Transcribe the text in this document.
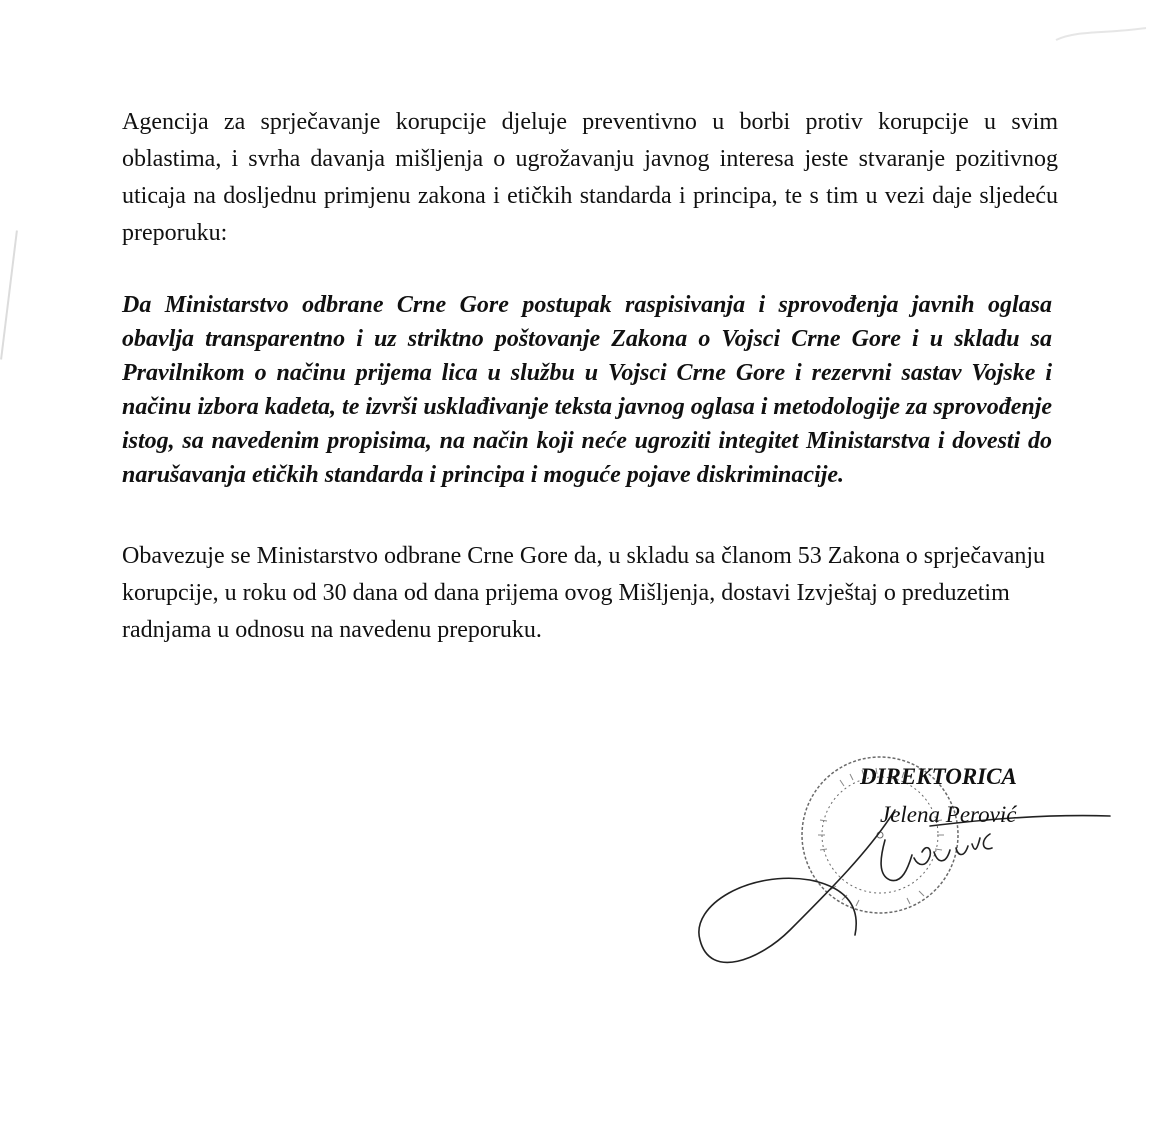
Agencija za sprječavanje korupcije djeluje preventivno u borbi protiv korupcije u svim oblastima, i svrha davanja mišljenja o ugrožavanju javnog interesa jeste stvaranje pozitivnog uticaja na dosljednu primjenu zakona i etičkih standarda i principa, te s tim u vezi daje sljedeću preporuku:

Da Ministarstvo odbrane Crne Gore postupak raspisivanja i sprovođenja javnih oglasa obavlja transparentno i uz striktno poštovanje Zakona o Vojsci Crne Gore i u skladu sa Pravilnikom o načinu prijema lica u službu u Vojsci Crne Gore i rezervni sastav Vojske i načinu izbora kadeta, te izvrši usklađivanje teksta javnog oglasa i metodologije za sprovođenje istog, sa navedenim propisima, na način koji neće ugroziti integitet Ministarstva i dovesti do narušavanja etičkih standarda i principa i moguće pojave diskriminacije.

Obavezuje se Ministarstvo odbrane Crne Gore da, u skladu sa članom 53 Zakona o sprječavanju korupcije, u roku od 30 dana od dana prijema ovog Mišljenja, dostavi Izvještaj o preduzetim radnjama u odnosu na navedenu preporuku.

DIREKTORICA

Jelena Perović
